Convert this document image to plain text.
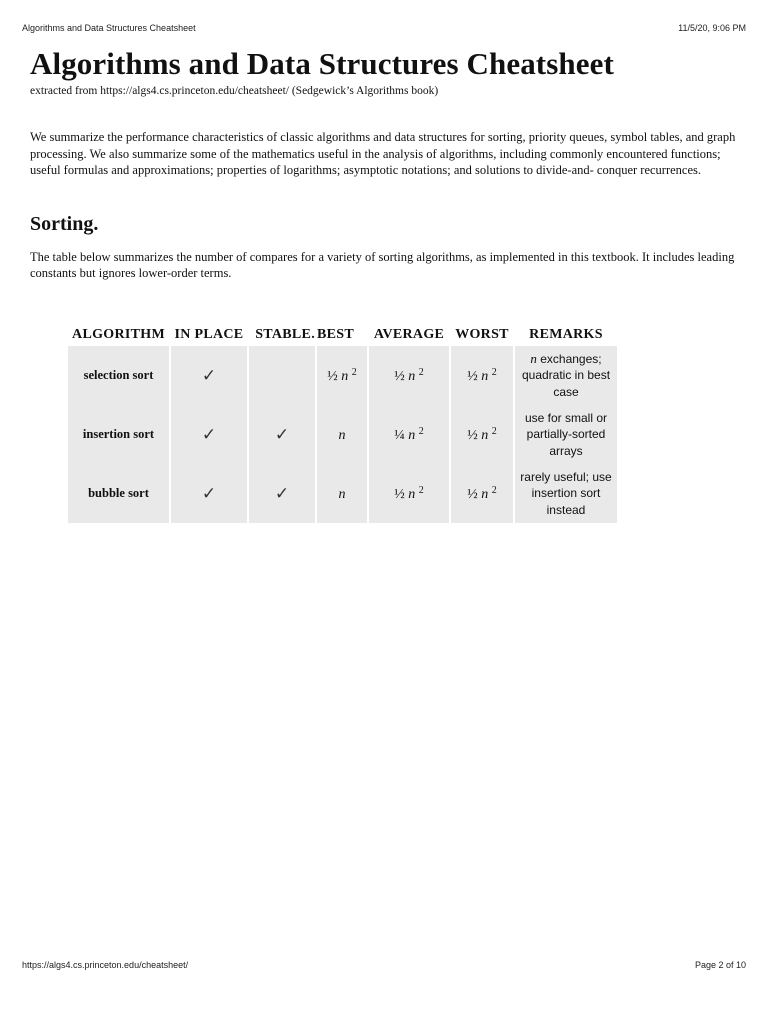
Algorithms and Data Structures Cheatsheet	11/5/20, 9:06 PM
Algorithms and Data Structures Cheatsheet
extracted from https://algs4.cs.princeton.edu/cheatsheet/ (Sedgewick’s Algorithms book)

We summarize the performance characteristics of classic algorithms and data structures for sorting, priority queues, symbol tables, and graph processing. We also summarize some of the mathematics useful in the analysis of algorithms, including commonly encountered functions; useful formulas and approximations; properties of logarithms; asymptotic notations; and solutions to divide-and- conquer recurrences.

Sorting.

The table below summarizes the number of compares for a variety of sorting algorithms, as implemented in this textbook. It includes leading constants but ignores lower-order terms.

ALGORITHM	IN PLACE	STABLE.	BEST	AVERAGE	WORST	REMARKS
selection sort	✓		½ n $^2$	½ n $^2$	½ n $^2$	n exchanges; quadratic in best case
insertion sort	✓	✓	n	¼ n $^2$	½ n $^2$	use for small or partially-sorted arrays
bubble sort	✓	✓	n	½ n $^2$	½ n $^2$	rarely useful; use insertion sort instead
https://algs4.cs.princeton.edu/cheatsheet/	Page 2 of 10
